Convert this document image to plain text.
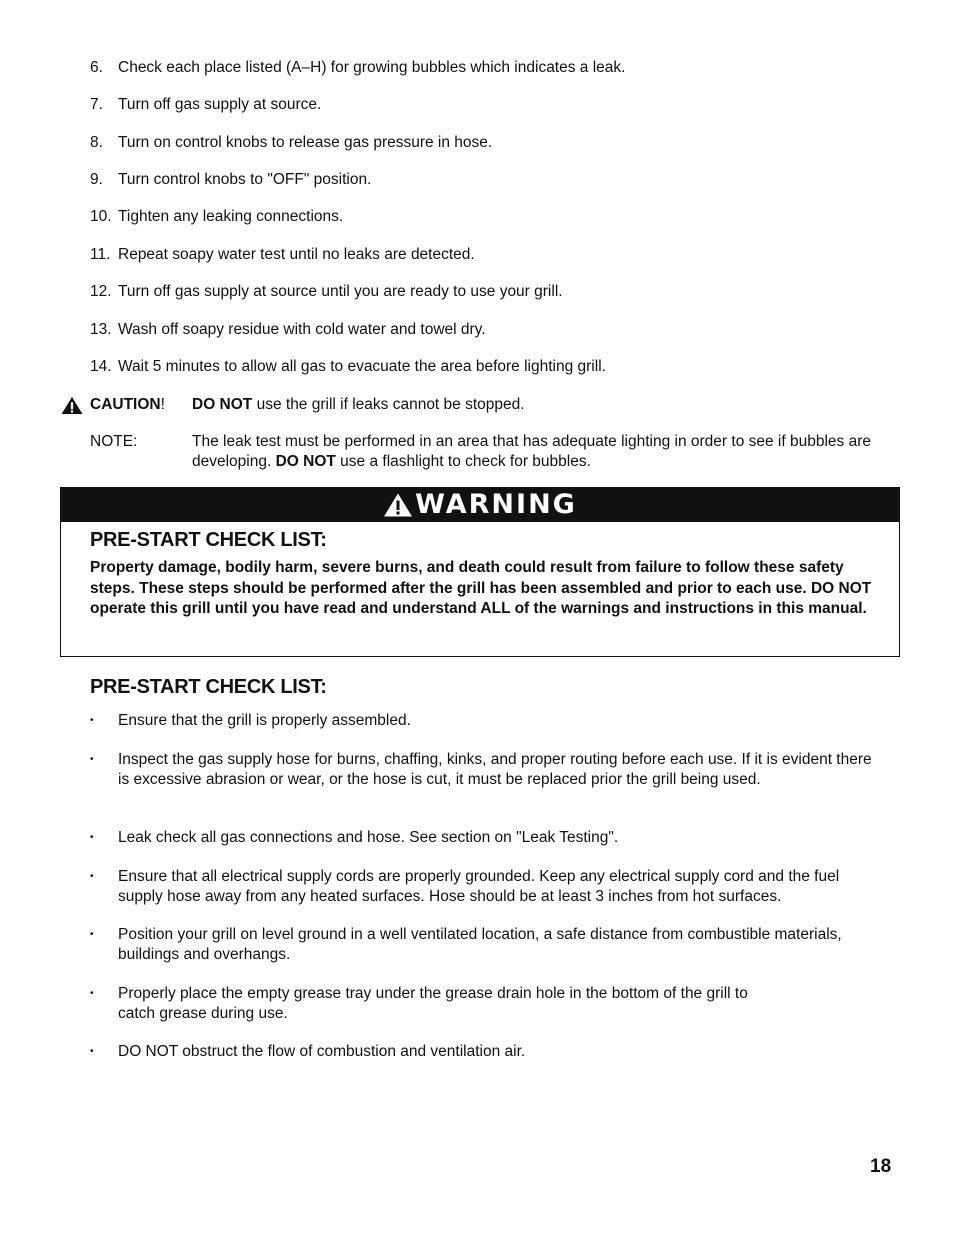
6. Check each place listed (A–H) for growing bubbles which indicates a leak.
7. Turn off gas supply at source.
8. Turn on control knobs to release gas pressure in hose.
9. Turn control knobs to "OFF" position.
10. Tighten any leaking connections.
11. Repeat soapy water test until no leaks are detected.
12. Turn off gas supply at source until you are ready to use your grill.
13. Wash off soapy residue with cold water and towel dry.
14. Wait 5 minutes to allow all gas to evacuate the area before lighting grill.
CAUTION! DO NOT use the grill if leaks cannot be stopped.
NOTE:	The leak test must be performed in an area that has adequate lighting in order to see if bubbles are developing. DO NOT use a flashlight to check for bubbles.
WARNING
PRE-START CHECK LIST:
Property damage, bodily harm, severe burns, and death could result from failure to follow these safety steps. These steps should be performed after the grill has been assembled and prior to each use. DO NOT operate this grill until you have read and understand ALL of the warnings and instructions in this manual.
PRE-START CHECK LIST:
• Ensure that the grill is properly assembled.
• Inspect the gas supply hose for burns, chaffing, kinks, and proper routing before each use. If it is evident there is excessive abrasion or wear, or the hose is cut, it must be replaced prior the grill being used.
• Leak check all gas connections and hose. See section on "Leak Testing".
• Ensure that all electrical supply cords are properly grounded. Keep any electrical supply cord and the fuel supply hose away from any heated surfaces. Hose should be at least 3 inches from hot surfaces.
• Position your grill on level ground in a well ventilated location, a safe distance from combustible materials, buildings and overhangs.
• Properly place the empty grease tray under the grease drain hole in the bottom of the grill to catch grease during use.
• DO NOT obstruct the flow of combustion and ventilation air.
18
